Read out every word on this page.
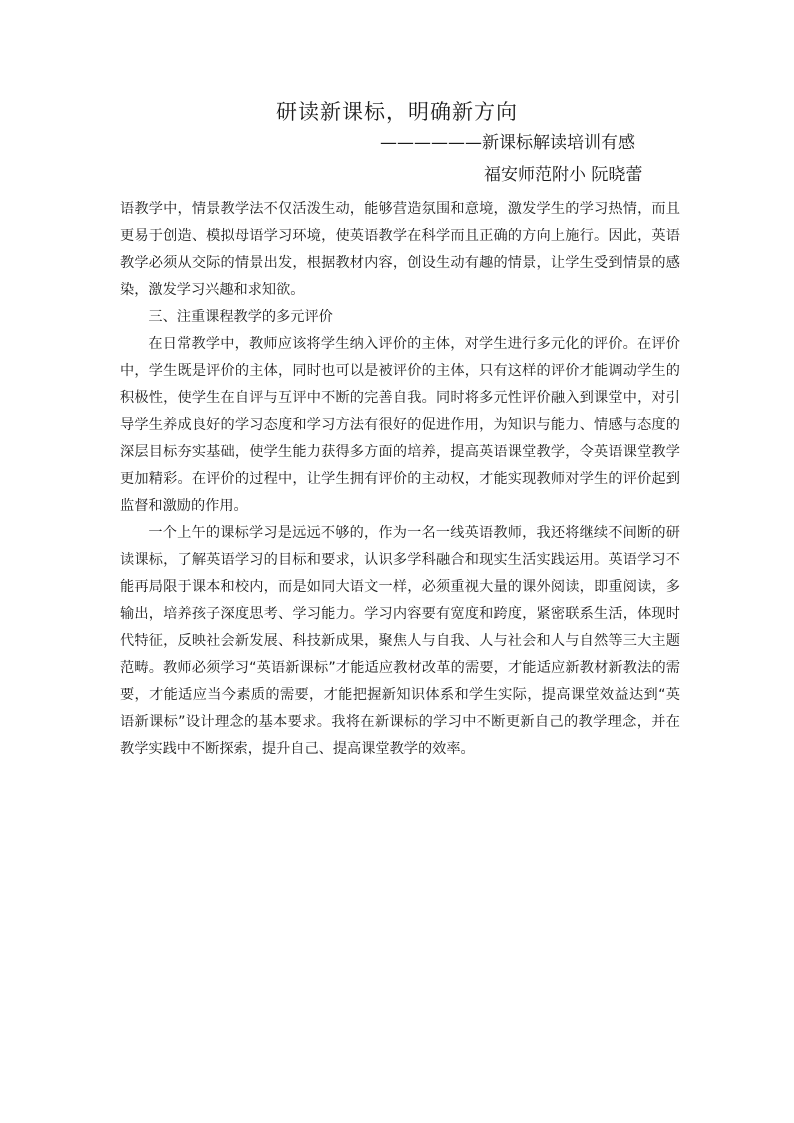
研读新课标，明确新方向
——————新课标解读培训有感
福安师范附小 阮晓蕾

语教学中，情景教学法不仅活泼生动，能够营造氛围和意境，激发学生的学习热情，而且更易于创造、模拟母语学习环境，使英语教学在科学而且正确的方向上施行。因此，英语教学必须从交际的情景出发，根据教材内容，创设生动有趣的情景，让学生受到情景的感染，激发学习兴趣和求知欲。

三、注重课程教学的多元评价

在日常教学中，教师应该将学生纳入评价的主体，对学生进行多元化的评价。在评价中，学生既是评价的主体，同时也可以是被评价的主体，只有这样的评价才能调动学生的积极性，使学生在自评与互评中不断的完善自我。同时将多元性评价融入到课堂中，对引导学生养成良好的学习态度和学习方法有很好的促进作用，为知识与能力、情感与态度的深层目标夯实基础，使学生能力获得多方面的培养，提高英语课堂教学，令英语课堂教学更加精彩。在评价的过程中，让学生拥有评价的主动权，才能实现教师对学生的评价起到监督和激励的作用。

一个上午的课标学习是远远不够的，作为一名一线英语教师，我还将继续不间断的研读课标，了解英语学习的目标和要求，认识多学科融合和现实生活实践运用。英语学习不能再局限于课本和校内，而是如同大语文一样，必须重视大量的课外阅读，即重阅读，多输出，培养孩子深度思考、学习能力。学习内容要有宽度和跨度，紧密联系生活，体现时代特征，反映社会新发展、科技新成果，聚焦人与自我、人与社会和人与自然等三大主题范畴。教师必须学习“英语新课标”才能适应教材改革的需要，才能适应新教材新教法的需要，才能适应当今素质的需要，才能把握新知识体系和学生实际，提高课堂效益达到“英语新课标”设计理念的基本要求。我将在新课标的学习中不断更新自己的教学理念，并在教学实践中不断探索，提升自己、提高课堂教学的效率。
